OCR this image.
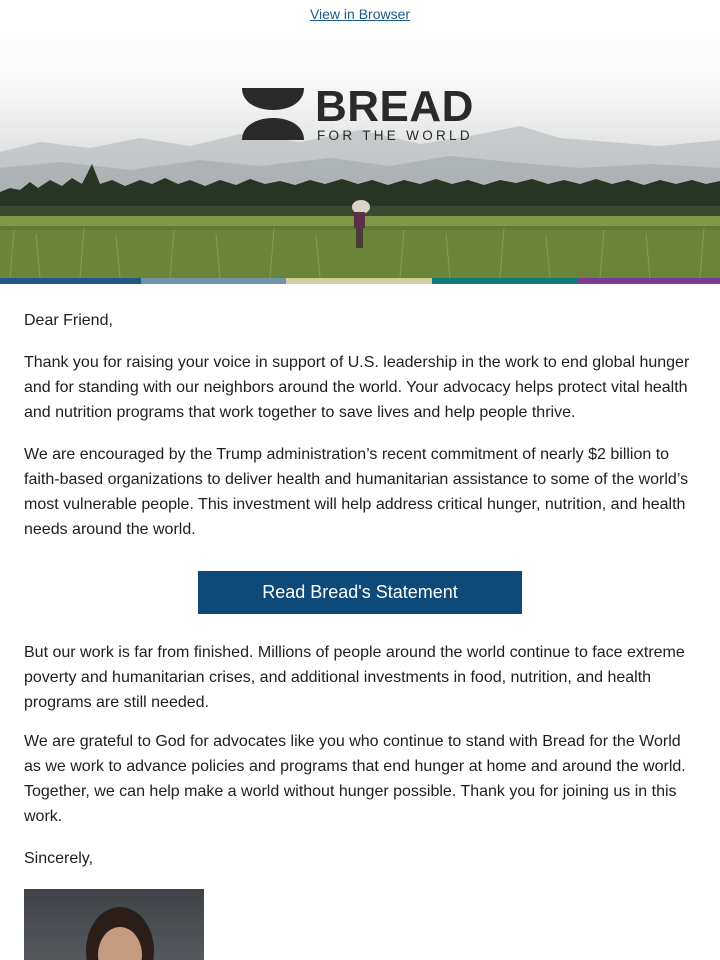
View in Browser
BREAD
FOR THE WORLD

Dear Friend,

Thank you for raising your voice in support of U.S. leadership in the work to end global hunger and for standing with our neighbors around the world. Your advocacy helps protect vital health and nutrition programs that work together to save lives and help people thrive.

We are encouraged by the Trump administration’s recent commitment of nearly $2 billion to faith-based organizations to deliver health and humanitarian assistance to some of the world’s most vulnerable people. This investment will help address critical hunger, nutrition, and health needs around the world.

Read Bread's Statement

But our work is far from finished. Millions of people around the world continue to face extreme poverty and humanitarian crises, and additional investments in food, nutrition, and health programs are still needed.

We are grateful to God for advocates like you who continue to stand with Bread for the World as we work to advance policies and programs that end hunger at home and around the world. Together, we can help make a world without hunger possible. Thank you for joining us in this work.

Sincerely,
